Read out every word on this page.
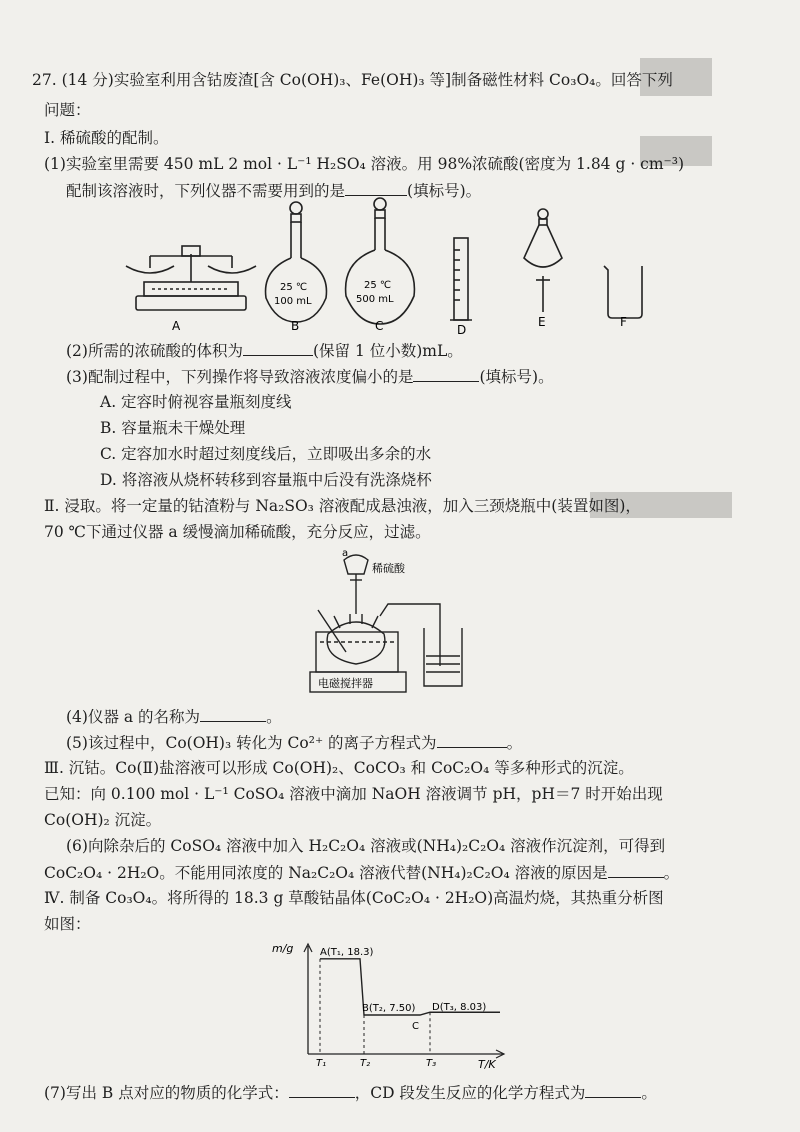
27. (14 分)实验室利用含钴废渣[含 Co(OH)₃、Fe(OH)₃ 等]制备磁性材料 Co₃O₄。回答下列
问题：
Ⅰ. 稀硫酸的配制。
(1)实验室里需要 450 mL 2 mol · L⁻¹ H₂SO₄ 溶液。用 98%浓硫酸(密度为 1.84 g · cm⁻³)
配制该溶液时，下列仪器不需要用到的是	(填标号)。
A
25 ℃
100 mL
B
25 ℃
500 mL
C	D
E	F
(2)所需的浓硫酸的体积为	(保留 1 位小数)mL。
(3)配制过程中，下列操作将导致溶液浓度偏小的是	(填标号)。
A. 定容时俯视容量瓶刻度线
B. 容量瓶未干燥处理
C. 定容加水时超过刻度线后，立即吸出多余的水
D. 将溶液从烧杯转移到容量瓶中后没有洗涤烧杯
Ⅱ. 浸取。将一定量的钴渣粉与 Na₂SO₃ 溶液配成悬浊液，加入三颈烧瓶中(装置如图)，
70 ℃下通过仪器 a 缓慢滴加稀硫酸，充分反应，过滤。
a
稀硫酸
电磁搅拌器
(4)仪器 a 的名称为	。
(5)该过程中，Co(OH)₃ 转化为 Co²⁺ 的离子方程式为	。
Ⅲ. 沉钴。Co(Ⅱ)盐溶液可以形成 Co(OH)₂、CoCO₃ 和 CoC₂O₄ 等多种形式的沉淀。
已知：向 0.100 mol · L⁻¹ CoSO₄ 溶液中滴加 NaOH 溶液调节 pH，pH＝7 时开始出现
Co(OH)₂ 沉淀。
(6)向除杂后的 CoSO₄ 溶液中加入 H₂C₂O₄ 溶液或(NH₄)₂C₂O₄ 溶液作沉淀剂，可得到
CoC₂O₄ · 2H₂O。不能用同浓度的 Na₂C₂O₄ 溶液代替(NH₄)₂C₂O₄ 溶液的原因是	。
Ⅳ. 制备 Co₃O₄。将所得的 18.3 g 草酸钴晶体(CoC₂O₄ · 2H₂O)高温灼烧，其热重分析图
如图：
m/g
T/K
A(T₁, 18.3)
B(T₂, 7.50)
C
D(T₃, 8.03)
T₁	T₂	T₃
(7)写出 B 点对应的物质的化学式：	，CD 段发生反应的化学方程式为	。
